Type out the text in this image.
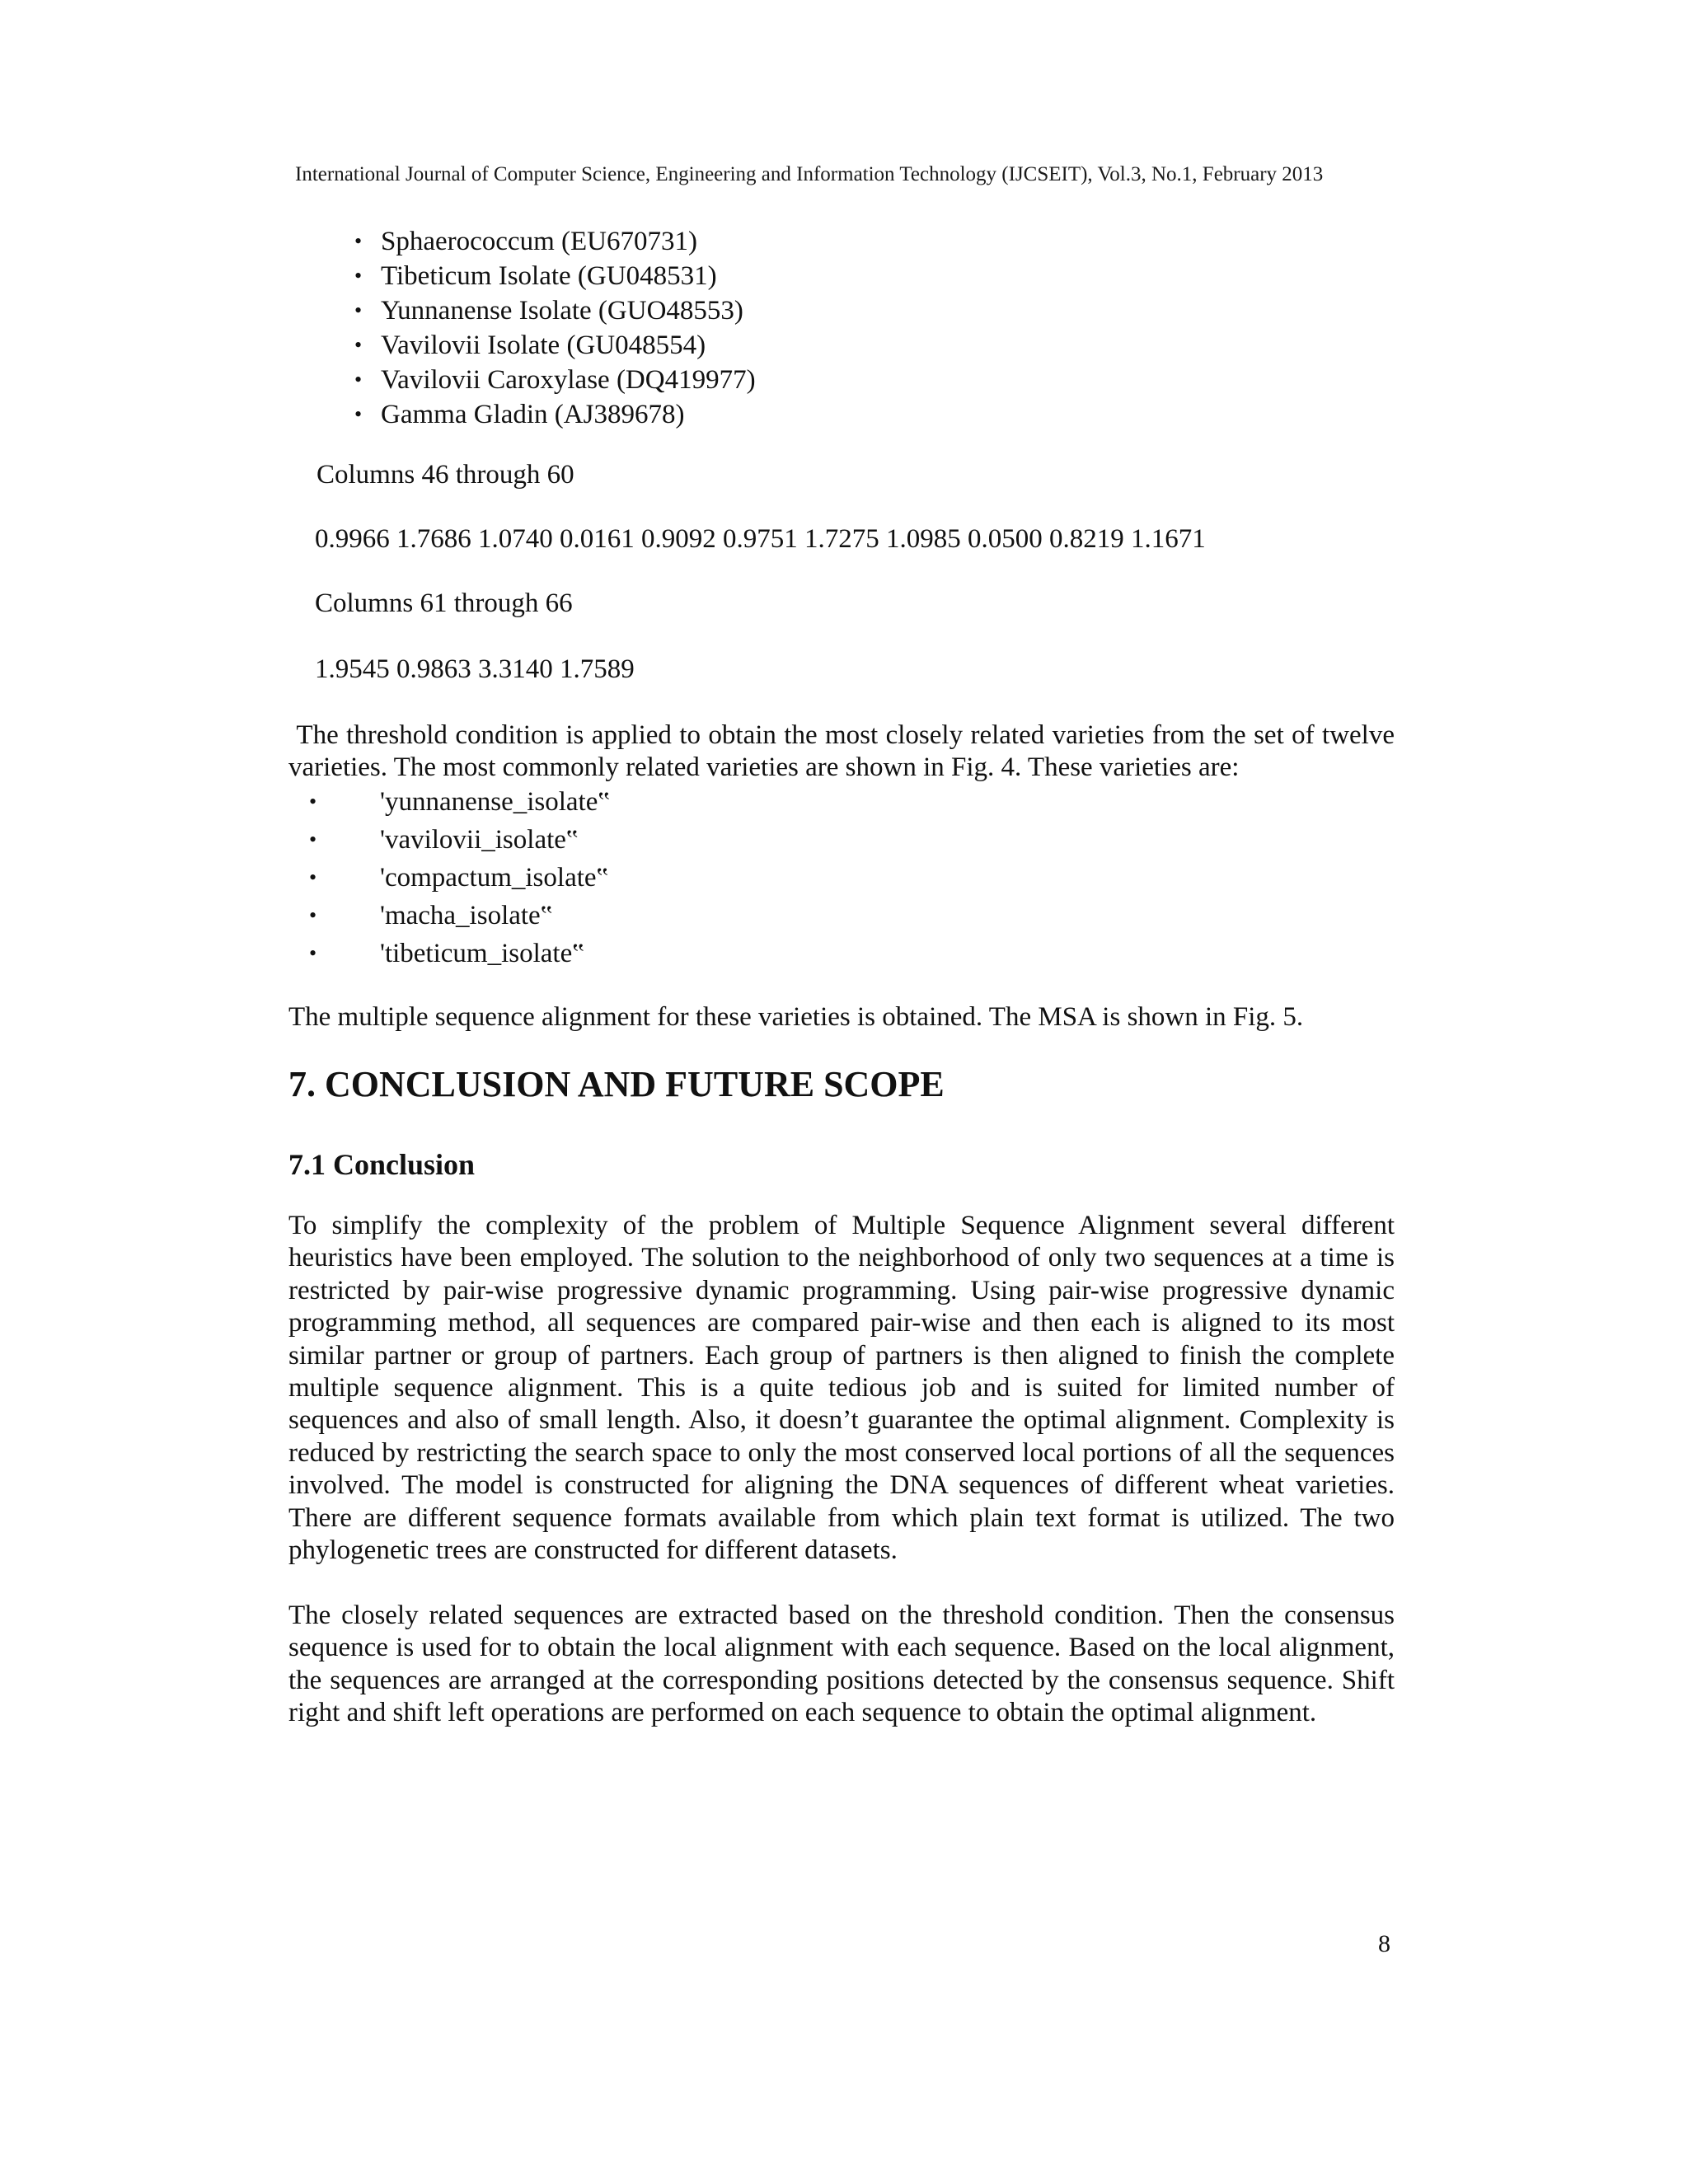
International Journal of Computer Science, Engineering and Information Technology (IJCSEIT), Vol.3, No.1, February 2013
• Sphaerococcum (EU670731)
• Tibeticum Isolate (GU048531)
• Yunnanense Isolate (GUO48553)
• Vavilovii Isolate (GU048554)
• Vavilovii Caroxylase (DQ419977)
• Gamma Gladin (AJ389678)
Columns 46 through 60
0.9966 1.7686 1.0740 0.0161 0.9092 0.9751 1.7275 1.0985 0.0500 0.8219 1.1671
Columns 61 through 66
1.9545 0.9863 3.3140 1.7589

The threshold condition is applied to obtain the most closely related varieties from the set of twelve varieties. The most commonly related varieties are shown in Fig. 4. These varieties are:

• 'yunnanense_isolate‟
• 'vavilovii_isolate‟
• 'compactum_isolate‟
• 'macha_isolate‟
• 'tibeticum_isolate‟
The multiple sequence alignment for these varieties is obtained. The MSA is shown in Fig. 5.
7. CONCLUSION AND FUTURE SCOPE
7.1 Conclusion

To simplify the complexity of the problem of Multiple Sequence Alignment several different heuristics have been employed. The solution to the neighborhood of only two sequences at a time is restricted by pair-wise progressive dynamic programming. Using pair-wise progressive dynamic programming method, all sequences are compared pair-wise and then each is aligned to its most similar partner or group of partners. Each group of partners is then aligned to finish the complete multiple sequence alignment. This is a quite tedious job and is suited for limited number of sequences and also of small length. Also, it doesn’t guarantee the optimal alignment. Complexity is reduced by restricting the search space to only the most conserved local portions of all the sequences involved. The model is constructed for aligning the DNA sequences of different wheat varieties. There are different sequence formats available from which plain text format is utilized. The two phylogenetic trees are constructed for different datasets.

The closely related sequences are extracted based on the threshold condition. Then the consensus sequence is used for to obtain the local alignment with each sequence. Based on the local alignment, the sequences are arranged at the corresponding positions detected by the consensus sequence. Shift right and shift left operations are performed on each sequence to obtain the optimal alignment.

8
